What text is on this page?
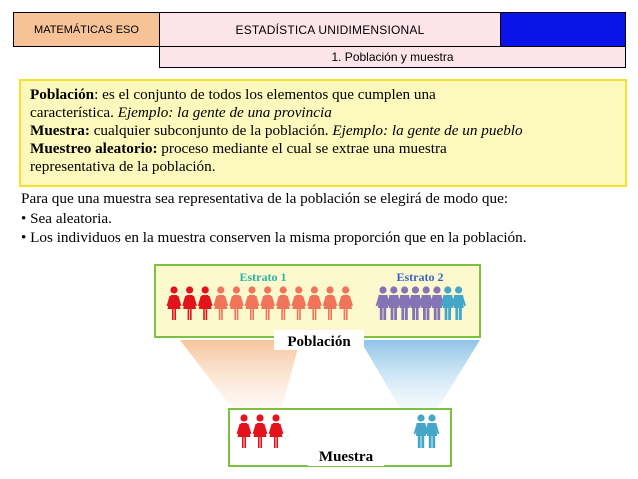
MATEMÁTICAS ESO	ESTADÍSTICA UNIDIMENSIONAL
1. Población y muestra

Población: es el conjunto de todos los elementos que cumplen una

característica. Ejemplo: la gente de una provincia

Muestra: cualquier subconjunto de la población. Ejemplo: la gente de un pueblo

Muestreo aleatorio: proceso mediante el cual se extrae una muestra

representativa de la población.

Para que una muestra sea representativa de la población se elegirá de modo que:
• Sea aleatoria.
• Los individuos en la muestra conserven la misma proporción que en la población.
Estrato 1	Estrato 2
Población
Muestra
